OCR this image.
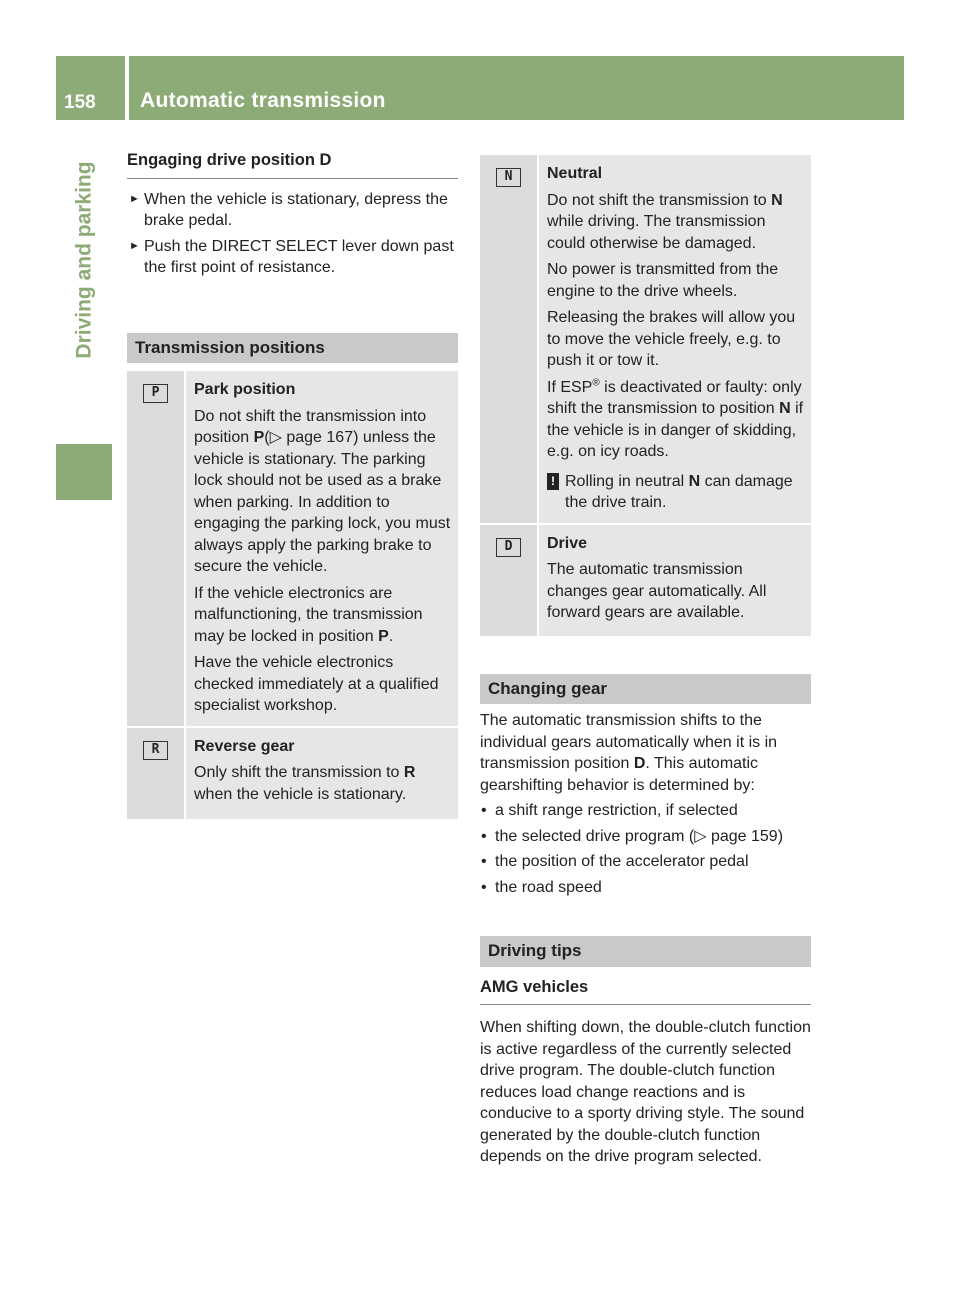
158 Automatic transmission
Driving and parking
Engaging drive position D
► When the vehicle is stationary, depress the brake pedal.
► Push the DIRECT SELECT lever down past the first point of resistance.
Transmission positions
P	Park position

Do not shift the transmission into position P(▷ page 167) unless the vehicle is stationary. The parking lock should not be used as a brake when parking. In addition to engaging the parking lock, you must always apply the parking brake to secure the vehicle.

If the vehicle electronics are malfunctioning, the transmission may be locked in position P.

Have the vehicle electronics checked immediately at a qualified specialist workshop.

R	Reverse gear

Only shift the transmission to R when the vehicle is stationary.

N	Neutral

Do not shift the transmission to N while driving. The transmission could otherwise be damaged.

No power is transmitted from the engine to the drive wheels.

Releasing the brakes will allow you to move the vehicle freely, e.g. to push it or tow it.

If ESP® is deactivated or faulty: only shift the transmission to position N if the vehicle is in danger of skidding, e.g. on icy roads.

! Rolling in neutral N can damage the drive train.

D	Drive

The automatic transmission changes gear automatically. All forward gears are available.

Changing gear

The automatic transmission shifts to the individual gears automatically when it is in transmission position D. This automatic gearshifting behavior is determined by:

• a shift range restriction, if selected
• the selected drive program (▷ page 159)
• the position of the accelerator pedal
• the road speed
Driving tips
AMG vehicles

When shifting down, the double-clutch function is active regardless of the currently selected drive program. The double-clutch function reduces load change reactions and is conducive to a sporty driving style. The sound generated by the double-clutch function depends on the drive program selected.
